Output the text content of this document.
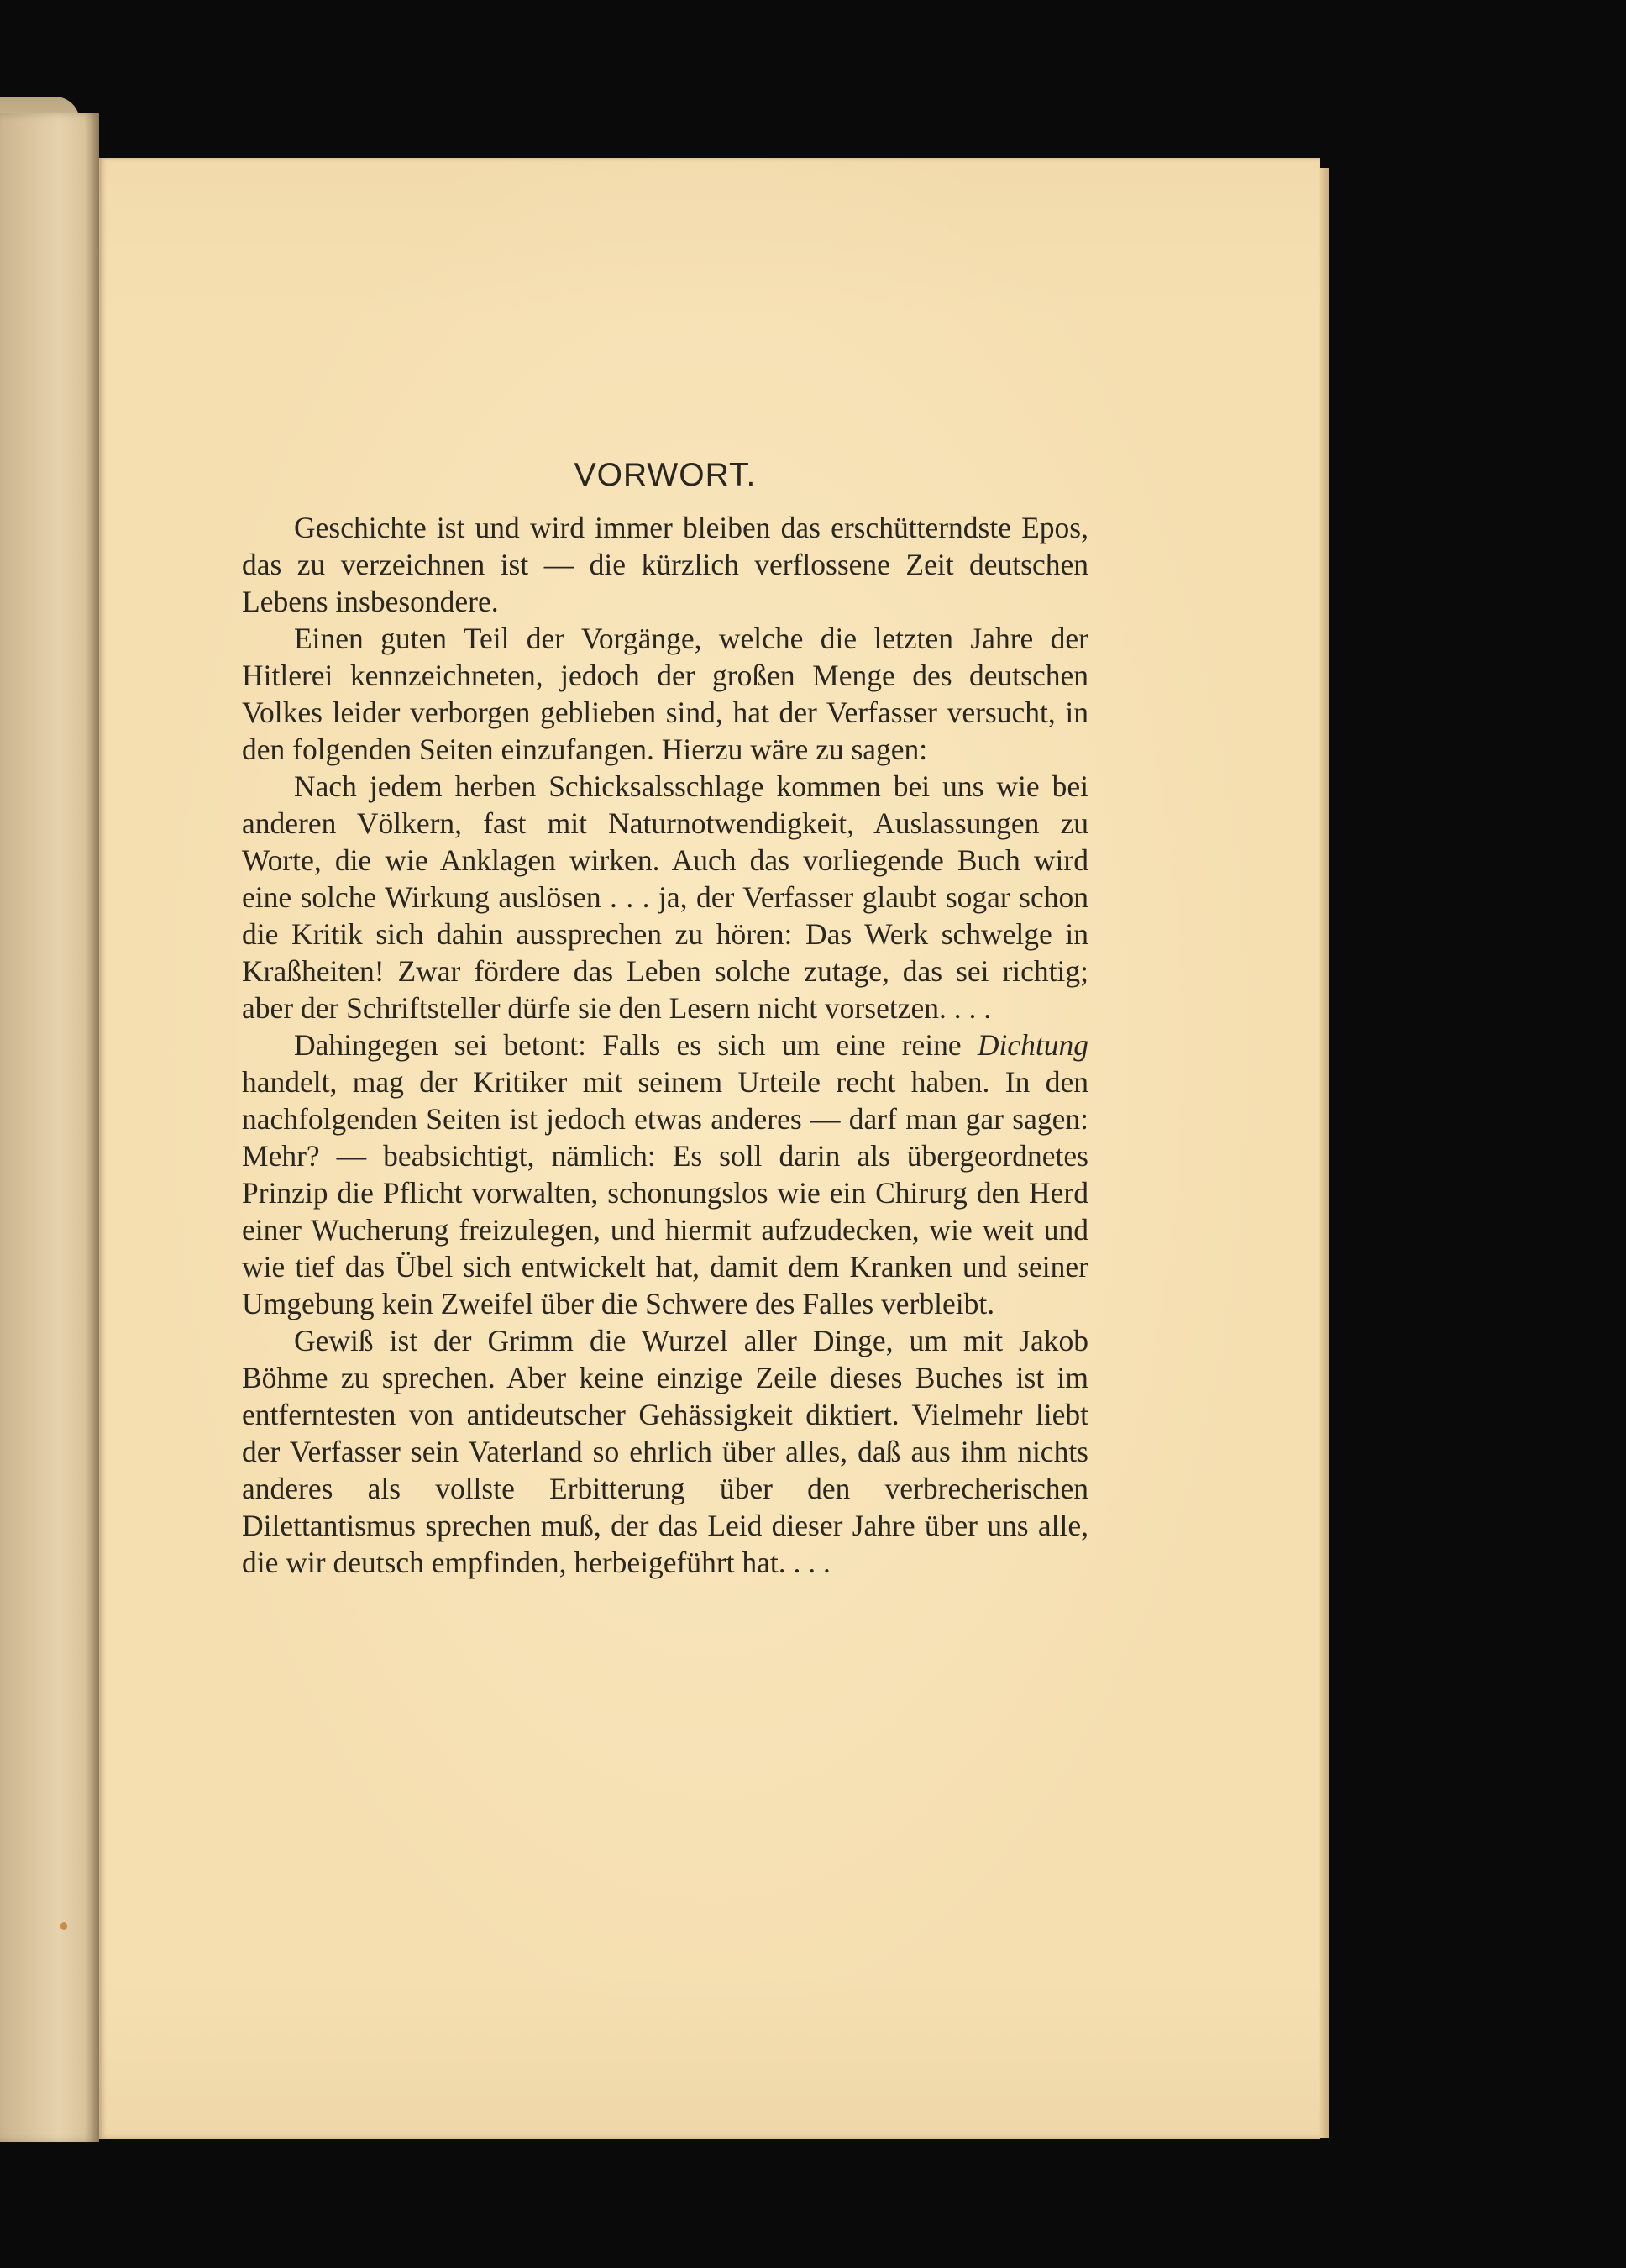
VORWORT.

Geschichte ist und wird immer bleiben das erschütterndste Epos, das zu verzeichnen ist — die kürzlich verflossene Zeit deutschen Lebens insbesondere.

Einen guten Teil der Vorgänge, welche die letzten Jahre der Hitlerei kennzeichneten, jedoch der großen Menge des deutschen Volkes leider verborgen geblieben sind, hat der Verfasser versucht, in den folgenden Seiten einzufangen. Hierzu wäre zu sagen:

Nach jedem herben Schicksalsschlage kommen bei uns wie bei anderen Völkern, fast mit Naturnotwendigkeit, Auslassungen zu Worte, die wie Anklagen wirken. Auch das vorliegende Buch wird eine solche Wirkung auslösen . . . ja, der Verfasser glaubt sogar schon die Kritik sich dahin aussprechen zu hören: Das Werk schwelge in Kraßheiten! Zwar fördere das Leben solche zutage, das sei richtig; aber der Schriftsteller dürfe sie den Lesern nicht vorsetzen. . . .

Dahingegen sei betont: Falls es sich um eine reine Dichtung handelt, mag der Kritiker mit seinem Urteile recht haben. In den nachfolgenden Seiten ist jedoch etwas anderes — darf man gar sagen: Mehr? — beabsichtigt, nämlich: Es soll darin als übergeordnetes Prinzip die Pflicht vorwalten, schonungslos wie ein Chirurg den Herd einer Wucherung freizulegen, und hiermit aufzudecken, wie weit und wie tief das Übel sich entwickelt hat, damit dem Kranken und seiner Umgebung kein Zweifel über die Schwere des Falles verbleibt.

Gewiß ist der Grimm die Wurzel aller Dinge, um mit Jakob Böhme zu sprechen. Aber keine einzige Zeile dieses Buches ist im entferntesten von antideutscher Gehässigkeit diktiert. Vielmehr liebt der Verfasser sein Vaterland so ehrlich über alles, daß aus ihm nichts anderes als vollste Erbitterung über den verbrecherischen Dilettantismus sprechen muß, der das Leid dieser Jahre über uns alle, die wir deutsch empfinden, herbeigeführt hat. . . .
